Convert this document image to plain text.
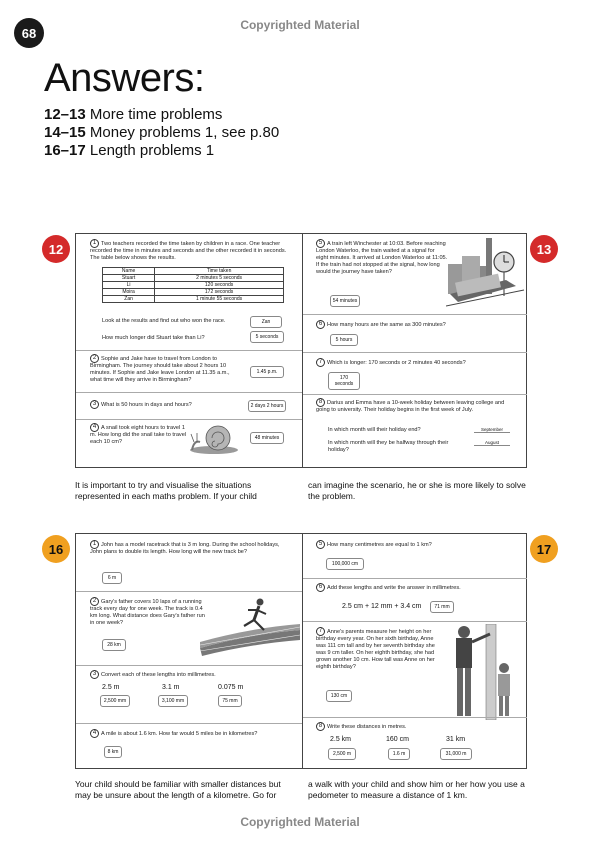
68
Copyrighted Material
Answers:
12–13 More time problems
14–15 Money problems 1, see p.80
16–17 Length problems 1
12	13
1 Two teachers recorded the time taken by children in a race. One teacher recorded the time in minutes and seconds and the other recorded it in seconds. The table below shows the results.
Name	Time taken
Stuart	2 minutes 5 seconds
Li	120 seconds
Moira	172 seconds
Zan	1 minute 55 seconds
Look at the results and find out who won the race.	Zan
How much longer did Stuart take than Li?	5 seconds
2 Sophie and Jake have to travel from London to Birmingham. The journey should take about 2 hours 10 minutes. If Sophie and Jake leave London at 11.35 a.m., what time will they arrive in Birmingham?
1.45 p.m.
3 What is 50 hours in days and hours?	2 days 2 hours
4 A snail took eight hours to travel 1 m. How long did the snail take to travel each 10 cm?
48 minutes
5 A train left Winchester at 10:03. Before reaching London Waterloo, the train waited at a signal for eight minutes. It arrived at London Waterloo at 11:05. If the train had not stopped at the signal, how long would the journey have taken?
54 minutes
6 How many hours are the same as 300 minutes?
5 hours
7 Which is longer: 170 seconds or 2 minutes 40 seconds?
170 seconds
8 Darius and Emma have a 10-week holiday between leaving college and going to university. Their holiday begins in the first week of July.
In which month will their holiday end?	September
In which month will they be halfway through their holiday?
August
It is important to try and visualise the situations represented in each maths problem. If your child
can imagine the scenario, he or she is more likely to solve the problem.
16	17
1 John has a model racetrack that is 3 m long. During the school holidays, John plans to double its length. How long will the new track be?
6 m
2 Gary's father covers 10 laps of a running track every day for one week. The track is 0.4 km long. What distance does Gary's father run in one week?
28 km
3 Convert each of these lengths into millimetres.
2.5 m	3.1 m	0.075 m
2,500 mm	3,100 mm	75 mm
4 A mile is about 1.6 km. How far would 5 miles be in kilometres?
8 km
5 How many centimetres are equal to 1 km?
100,000 cm
6 Add these lengths and write the answer in millimetres.
2.5 cm + 12 mm + 3.4 cm	71 mm
7 Anne's parents measure her height on her birthday every year. On her sixth birthday, Anne was 111 cm tall and by her seventh birthday she was 9 cm taller. On her eighth birthday, she had grown another 10 cm. How tall was Anne on her eighth birthday?
130 cm
8 Write these distances in metres.
2.5 km	160 cm	31 km
2,500 m	1.6 m	31,000 m
Your child should be familiar with smaller distances but may be unsure about the length of a kilometre. Go for
a walk with your child and show him or her how you use a pedometer to measure a distance of 1 km.
Copyrighted Material
